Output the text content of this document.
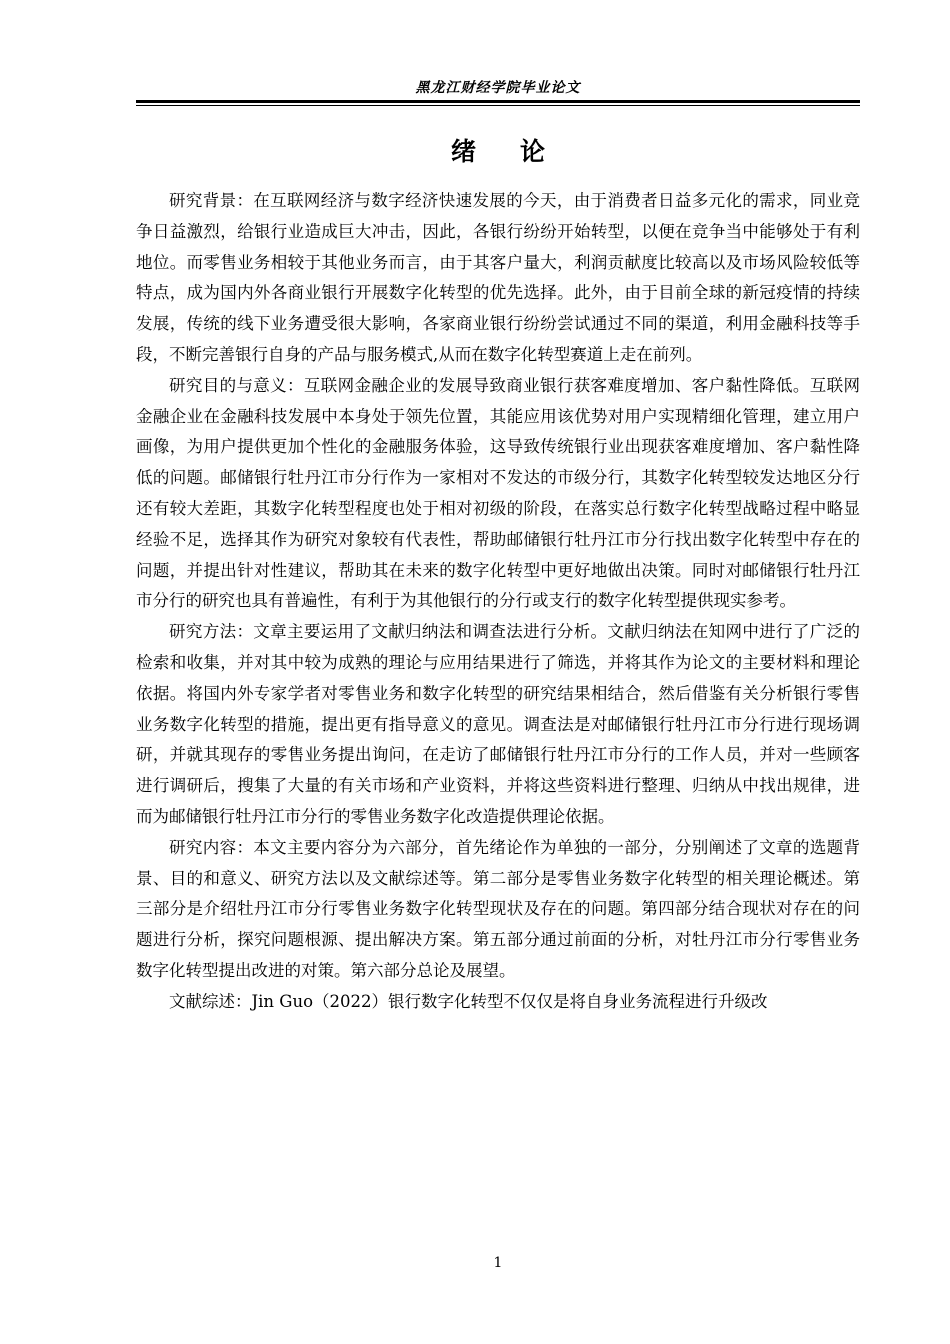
黑龙江财经学院毕业论文
绪 论

研究背景：在互联网经济与数字经济快速发展的今天，由于消费者日益多元化的需求，同业竞争日益激烈，给银行业造成巨大冲击，因此，各银行纷纷开始转型，以便在竞争当中能够处于有利地位。而零售业务相较于其他业务而言，由于其客户量大，利润贡献度比较高以及市场风险较低等特点，成为国内外各商业银行开展数字化转型的优先选择。此外，由于目前全球的新冠疫情的持续发展，传统的线下业务遭受很大影响，各家商业银行纷纷尝试通过不同的渠道，利用金融科技等手段，不断完善银行自身的产品与服务模式,从而在数字化转型赛道上走在前列。

研究目的与意义：互联网金融企业的发展导致商业银行获客难度增加、客户黏性降低。互联网金融企业在金融科技发展中本身处于领先位置，其能应用该优势对用户实现精细化管理，建立用户画像，为用户提供更加个性化的金融服务体验，这导致传统银行业出现获客难度增加、客户黏性降低的问题。邮储银行牡丹江市分行作为一家相对不发达的市级分行，其数字化转型较发达地区分行还有较大差距，其数字化转型程度也处于相对初级的阶段，在落实总行数字化转型战略过程中略显经验不足，选择其作为研究对象较有代表性，帮助邮储银行牡丹江市分行找出数字化转型中存在的问题，并提出针对性建议，帮助其在未来的数字化转型中更好地做出决策。同时对邮储银行牡丹江市分行的研究也具有普遍性，有利于为其他银行的分行或支行的数字化转型提供现实参考。

研究方法：文章主要运用了文献归纳法和调查法进行分析。文献归纳法在知网中进行了广泛的检索和收集，并对其中较为成熟的理论与应用结果进行了筛选，并将其作为论文的主要材料和理论依据。将国内外专家学者对零售业务和数字化转型的研究结果相结合，然后借鉴有关分析银行零售业务数字化转型的措施，提出更有指导意义的意见。调查法是对邮储银行牡丹江市分行进行现场调研，并就其现存的零售业务提出询问，在走访了邮储银行牡丹江市分行的工作人员，并对一些顾客进行调研后，搜集了大量的有关市场和产业资料，并将这些资料进行整理、归纳从中找出规律，进而为邮储银行牡丹江市分行的零售业务数字化改造提供理论依据。

研究内容：本文主要内容分为六部分，首先绪论作为单独的一部分，分别阐述了文章的选题背景、目的和意义、研究方法以及文献综述等。第二部分是零售业务数字化转型的相关理论概述。第三部分是介绍牡丹江市分行零售业务数字化转型现状及存在的问题。第四部分结合现状对存在的问题进行分析，探究问题根源、提出解决方案。第五部分通过前面的分析，对牡丹江市分行零售业务数字化转型提出改进的对策。第六部分总论及展望。

文献综述：Jin Guo（2022）银行数字化转型不仅仅是将自身业务流程进行升级改

1
